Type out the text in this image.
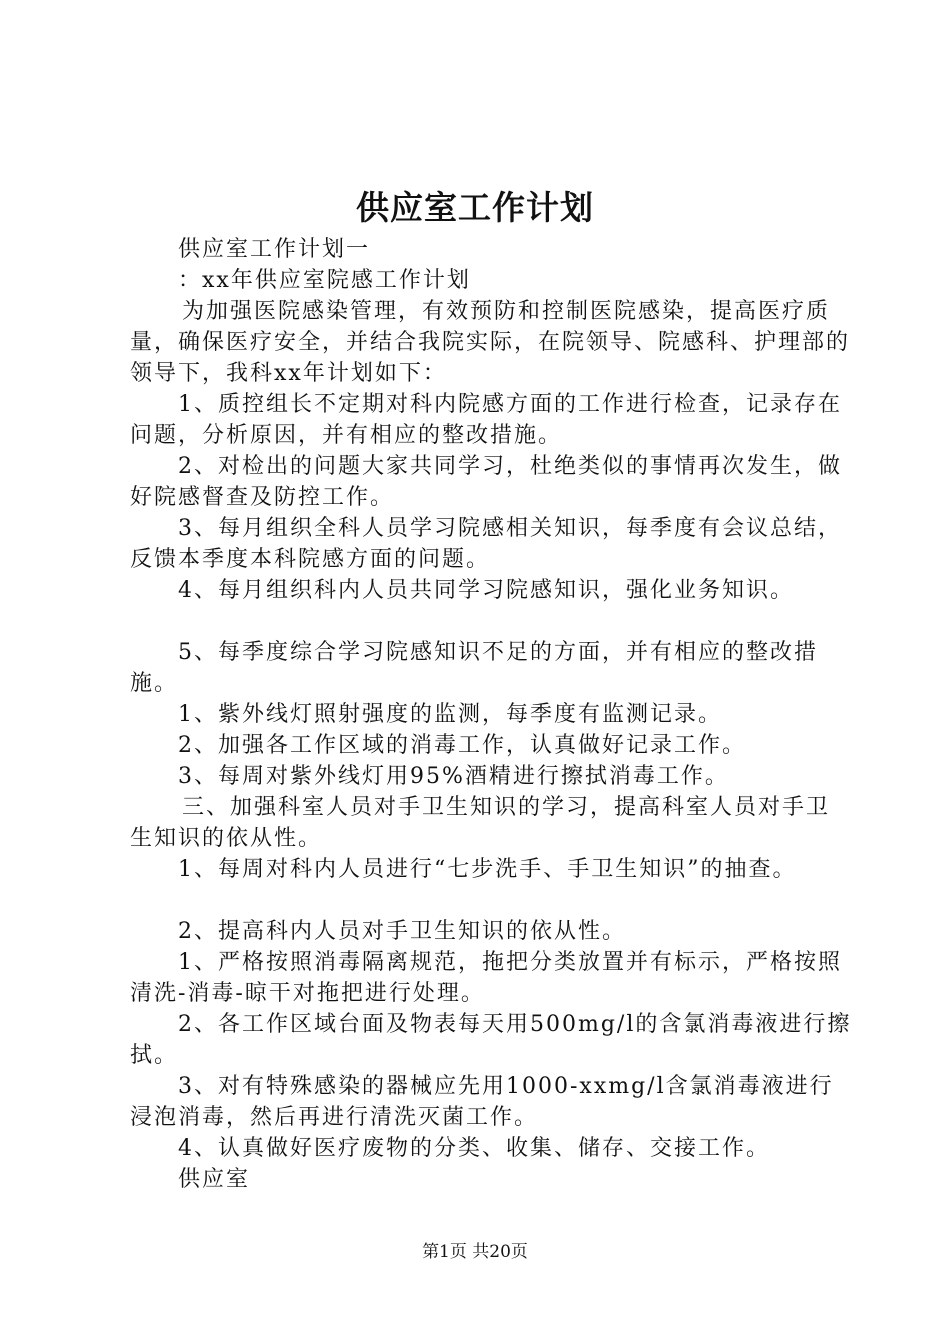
供应室工作计划

供应室工作计划一

：xx年供应室院感工作计划

为加强医院感染管理，有效预防和控制医院感染，提高医疗质量，确保医疗安全，并结合我院实际，在院领导、院感科、护理部的领导下，我科xx年计划如下：

1、质控组长不定期对科内院感方面的工作进行检查，记录存在问题，分析原因，并有相应的整改措施。

2、对检出的问题大家共同学习，杜绝类似的事情再次发生，做好院感督查及防控工作。

3、每月组织全科人员学习院感相关知识，每季度有会议总结，反馈本季度本科院感方面的问题。

4、每月组织科内人员共同学习院感知识，强化业务知识。

5、每季度综合学习院感知识不足的方面，并有相应的整改措施。

1、紫外线灯照射强度的监测，每季度有监测记录。

2、加强各工作区域的消毒工作，认真做好记录工作。

3、每周对紫外线灯用95%酒精进行擦拭消毒工作。

三、加强科室人员对手卫生知识的学习，提高科室人员对手卫生知识的依从性。

1、每周对科内人员进行“七步洗手、手卫生知识”的抽查。

2、提高科内人员对手卫生知识的依从性。

1、严格按照消毒隔离规范，拖把分类放置并有标示，严格按照清洗-消毒-晾干对拖把进行处理。

2、各工作区域台面及物表每天用500mg/l的含氯消毒液进行擦拭。

3、对有特殊感染的器械应先用1000-xxmg/l含氯消毒液进行浸泡消毒，然后再进行清洗灭菌工作。

4、认真做好医疗废物的分类、收集、储存、交接工作。

供应室

第1页 共20页
